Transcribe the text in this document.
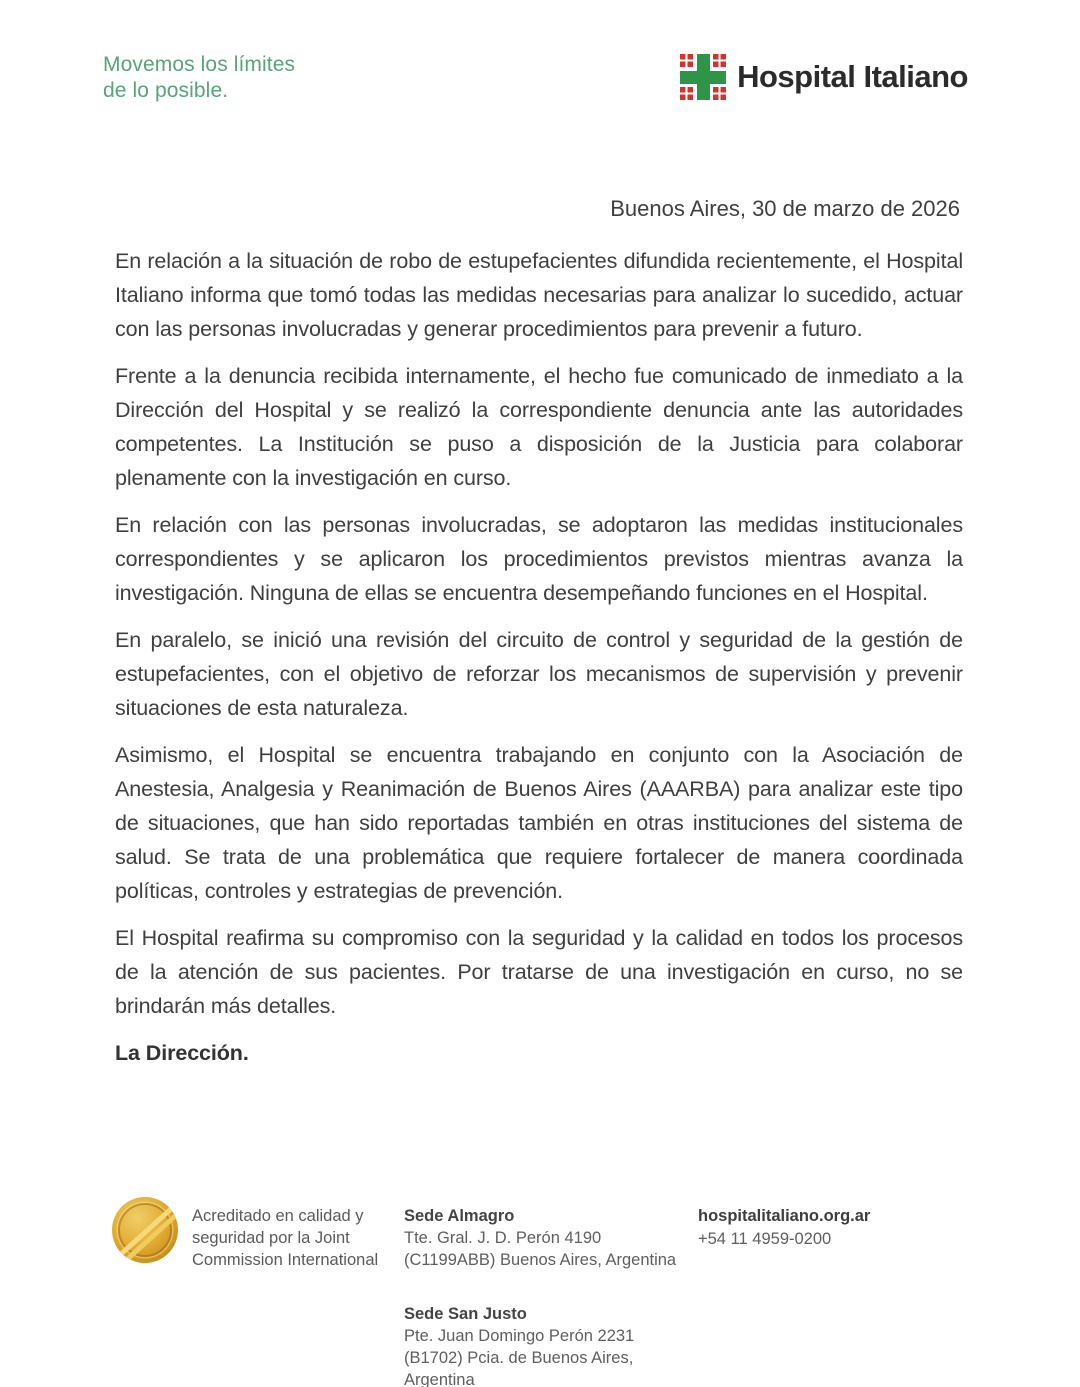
Movemos los límites
de lo posible.	Hospital Italiano
Buenos Aires, 30 de marzo de 2026

En relación a la situación de robo de estupefacientes difundida recientemente, el Hospital Italiano informa que tomó todas las medidas necesarias para analizar lo sucedido, actuar con las personas involucradas y generar procedimientos para prevenir a futuro.

Frente a la denuncia recibida internamente, el hecho fue comunicado de inmediato a la Dirección del Hospital y se realizó la correspondiente denuncia ante las autoridades competentes. La Institución se puso a disposición de la Justicia para colaborar plenamente con la investigación en curso.

En relación con las personas involucradas, se adoptaron las medidas institucionales correspondientes y se aplicaron los procedimientos previstos mientras avanza la investigación. Ninguna de ellas se encuentra desempeñando funciones en el Hospital.

En paralelo, se inició una revisión del circuito de control y seguridad de la gestión de estupefacientes, con el objetivo de reforzar los mecanismos de supervisión y prevenir situaciones de esta naturaleza.

Asimismo, el Hospital se encuentra trabajando en conjunto con la Asociación de Anestesia, Analgesia y Reanimación de Buenos Aires (AAARBA) para analizar este tipo de situaciones, que han sido reportadas también en otras instituciones del sistema de salud. Se trata de una problemática que requiere fortalecer de manera coordinada políticas, controles y estrategias de prevención.

El Hospital reafirma su compromiso con la seguridad y la calidad en todos los procesos de la atención de sus pacientes. Por tratarse de una investigación en curso, no se brindarán más detalles.

La Dirección.

Acreditado en calidad y
seguridad por la Joint
Commission International
Sede Almagro
Tte. Gral. J. D. Perón 4190
(C1199ABB) Buenos Aires, Argentina
Sede San Justo
Pte. Juan Domingo Perón 2231
(B1702) Pcia. de Buenos Aires, Argentina
hospitalitaliano.org.ar
+54 11 4959-0200
